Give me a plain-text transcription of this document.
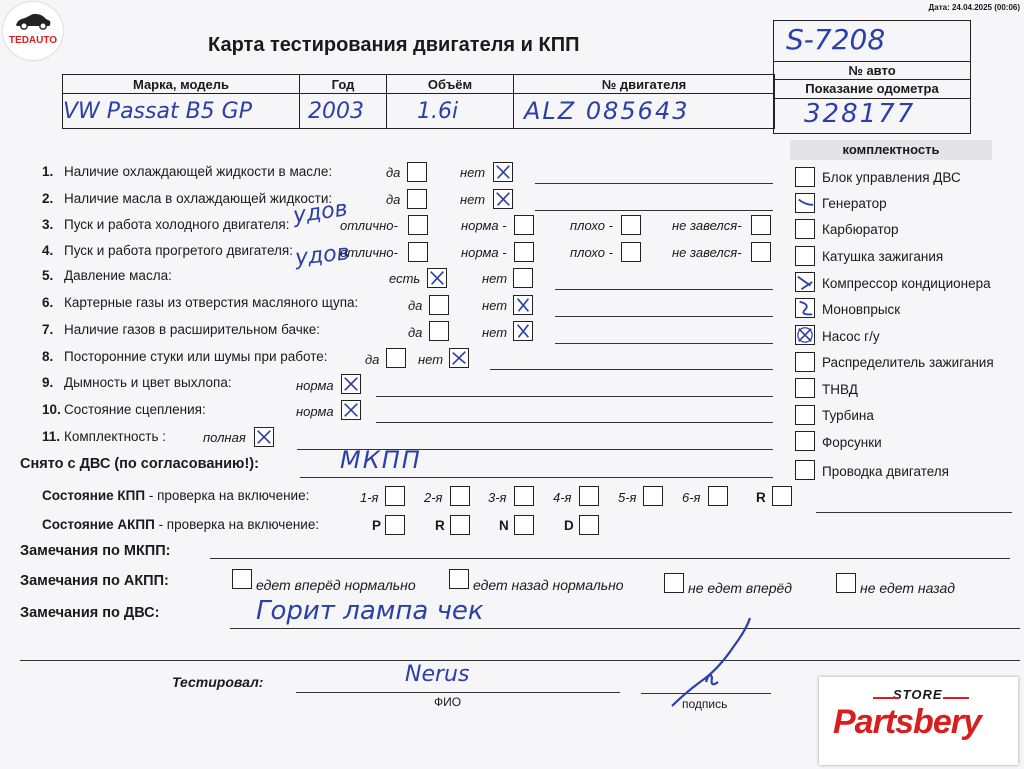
Дата: 24.04.2025 (00:06)
TEDAUTO	Карта тестирования двигателя и КПП	S-7208
№ авто
Показание одометра
328177
Марка, модель	Год	Объём	№ двигателя
VW Passat B5 GP	2003	1.6i	ALZ 085643
1. Наличие охлаждающей жидкости в масле:	да	нет
2. Наличие масла в охлаждающей жидкости:	да	нет
3. Пуск и работа холодного двигателя: удов
отлично-	норма -	плохо -	не завелся-
4. Пуск и работа прогретого двигателя: удов
отлично-	норма -	плохо -	не завелся-
5. Давление масла:	есть	нет
6. Картерные газы из отверстия масляного щупа:	да	нет
7. Наличие газов в расширительном бачке:	да	нет
8. Посторонние стуки или шумы при работе:	да	нет
9. Дымность и цвет выхлопа:	норма
10. Состояние сцепления:	норма
11. Комплектность :	полная
Снято с ДВС (по согласованию!):	МКПП
Состояние КПП - проверка на включение:	1-я	2-я	3-я	4-я	5-я	6-я	R
Состояние АКПП - проверка на включение:	P	R	N	D
Замечания по МКПП:
Замечания по АКПП:	едет вперёд нормально	едет назад нормально	не едет вперёд	не едет назад
Замечания по ДВС:	Горит лампа чек
Тестировал:	Nerus
ФИО	подпись
комплектность
Блок управления ДВС
Генератор
Карбюратор
Катушка зажигания
Компрессор кондиционера
Моновпрыск
Насос г/у
Распределитель зажигания
ТНВД
Турбина
Форсунки
Проводка двигателя
STORE
Partsbery
